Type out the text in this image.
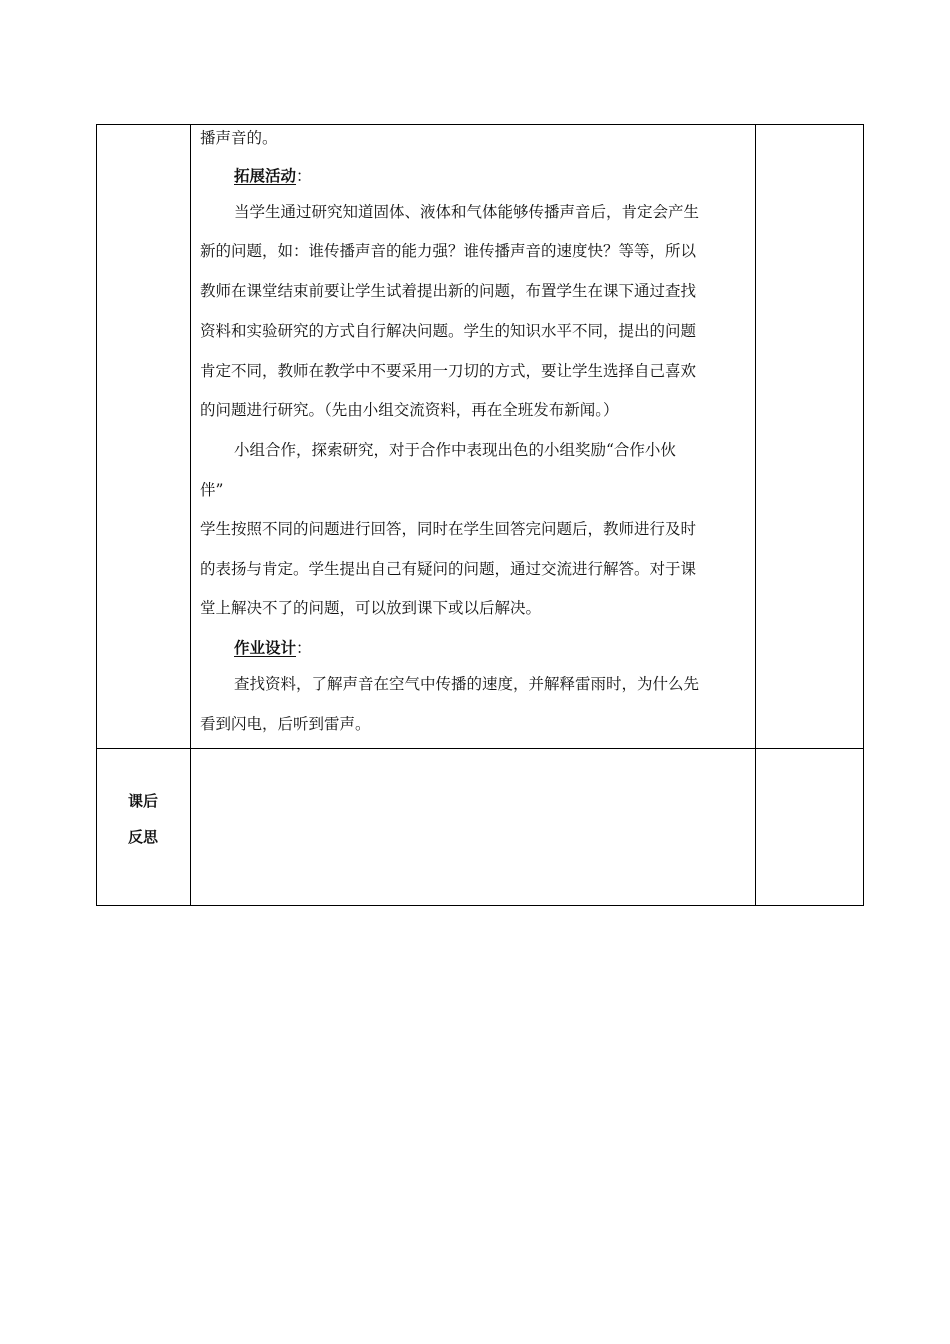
课后
反思
播声音的。
拓展活动：
当学生通过研究知道固体、液体和气体能够传播声音后，肯定会产生
新的问题，如：谁传播声音的能力强？谁传播声音的速度快？等等，所以
教师在课堂结束前要让学生试着提出新的问题，布置学生在课下通过查找
资料和实验研究的方式自行解决问题。学生的知识水平不同，提出的问题
肯定不同，教师在教学中不要采用一刀切的方式，要让学生选择自己喜欢
的问题进行研究。（先由小组交流资料，再在全班发布新闻。）
小组合作，探索研究，对于合作中表现出色的小组奖励“合作小伙
伴”
学生按照不同的问题进行回答，同时在学生回答完问题后，教师进行及时
的表扬与肯定。学生提出自己有疑问的问题，通过交流进行解答。对于课
堂上解决不了的问题，可以放到课下或以后解决。
作业设计：
查找资料，了解声音在空气中传播的速度，并解释雷雨时，为什么先
看到闪电，后听到雷声。
